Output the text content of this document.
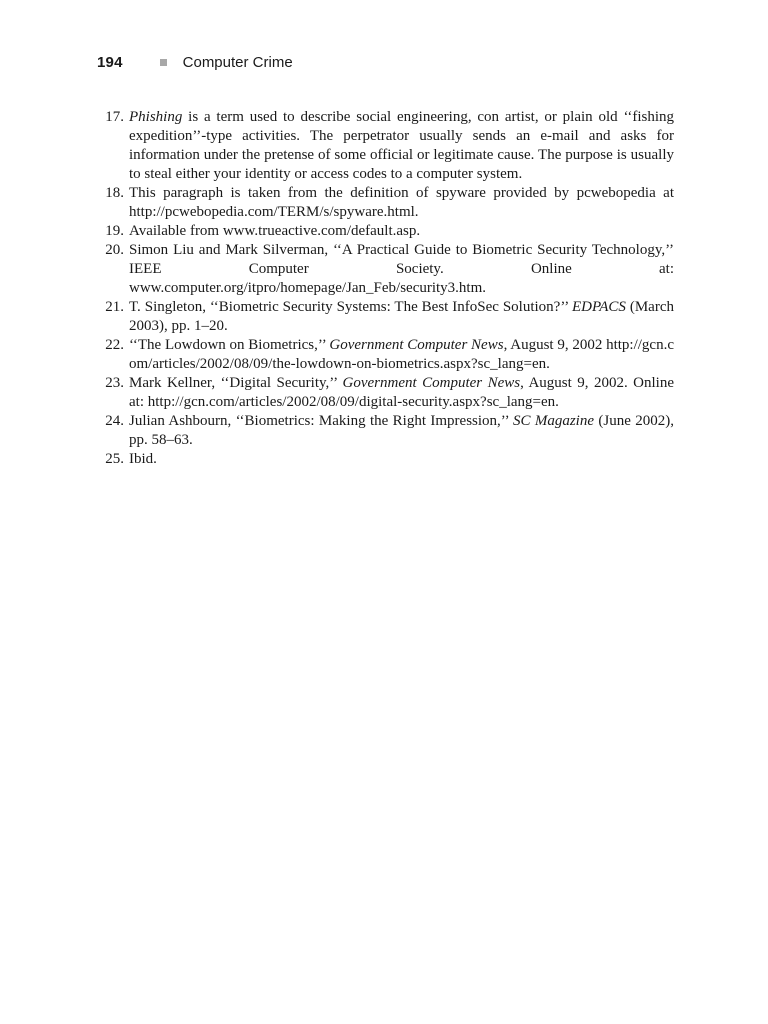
194	Computer Crime
17. Phishing is a term used to describe social engineering, con artist, or plain old ‘‘fishing expedition’’-type activities. The perpetrator usually sends an e-mail and asks for information under the pretense of some official or legitimate cause. The purpose is usually to steal either your identity or access codes to a computer system.
18. This paragraph is taken from the definition of spyware provided by pcwebopedia at http://pcwebopedia.com/TERM/s/spyware.html.
19. Available from www.trueactive.com/default.asp.
20. Simon Liu and Mark Silverman, ‘‘A Practical Guide to Biometric Security Technology,’’ IEEE Computer Society. Online at: www.computer.org/itpro/homepage/Jan_Feb/security3.htm.
21. T. Singleton, ‘‘Biometric Security Systems: The Best InfoSec Solution?’’ EDPACS (March 2003), pp. 1–20.
22. ‘‘The Lowdown on Biometrics,’’ Government Computer News, August 9, 2002 http://gcn.com/articles/2002/08/09/the-lowdown-on-biometrics.aspx?sc_lang=en.
23. Mark Kellner, ‘‘Digital Security,’’ Government Computer News, August 9, 2002. Online at: http://gcn.com/articles/2002/08/09/digital-security.aspx?sc_lang=en.
24. Julian Ashbourn, ‘‘Biometrics: Making the Right Impression,’’ SC Magazine (June 2002), pp. 58–63.
25. Ibid.
